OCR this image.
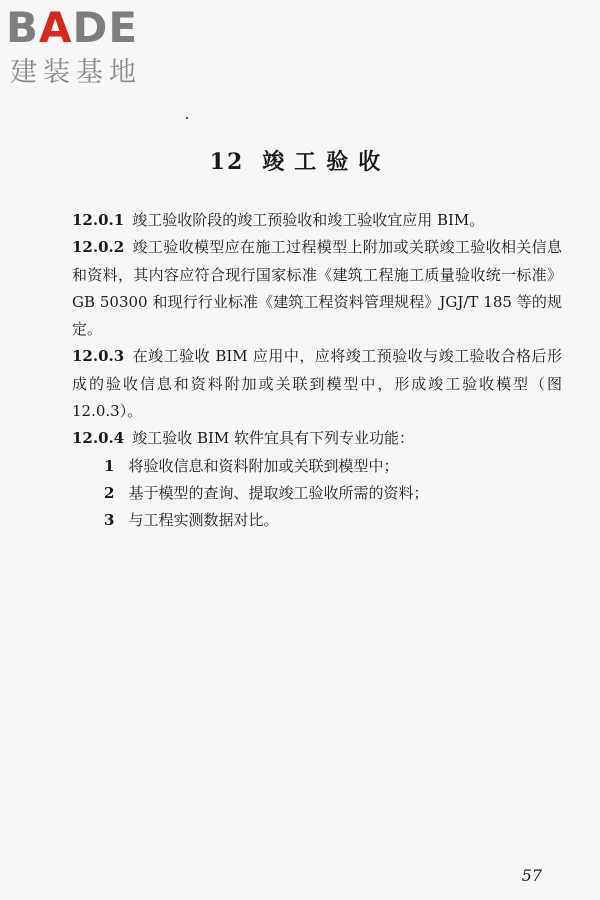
BADE
建装基地
12 竣工验收

12.0.1 竣工验收阶段的竣工预验收和竣工验收宜应用 BIM。

12.0.2 竣工验收模型应在施工过程模型上附加或关联竣工验收相关信息和资料，其内容应符合现行国家标准《建筑工程施工质量验收统一标准》GB 50300 和现行行业标准《建筑工程资料管理规程》JGJ/T 185 等的规定。

12.0.3 在竣工验收 BIM 应用中，应将竣工预验收与竣工验收合格后形成的验收信息和资料附加或关联到模型中，形成竣工验收模型（图 12.0.3）。

12.0.4 竣工验收 BIM 软件宜具有下列专业功能：

1 将验收信息和资料附加或关联到模型中；

2 基于模型的查询、提取竣工验收所需的资料；

3 与工程实测数据对比。

57
